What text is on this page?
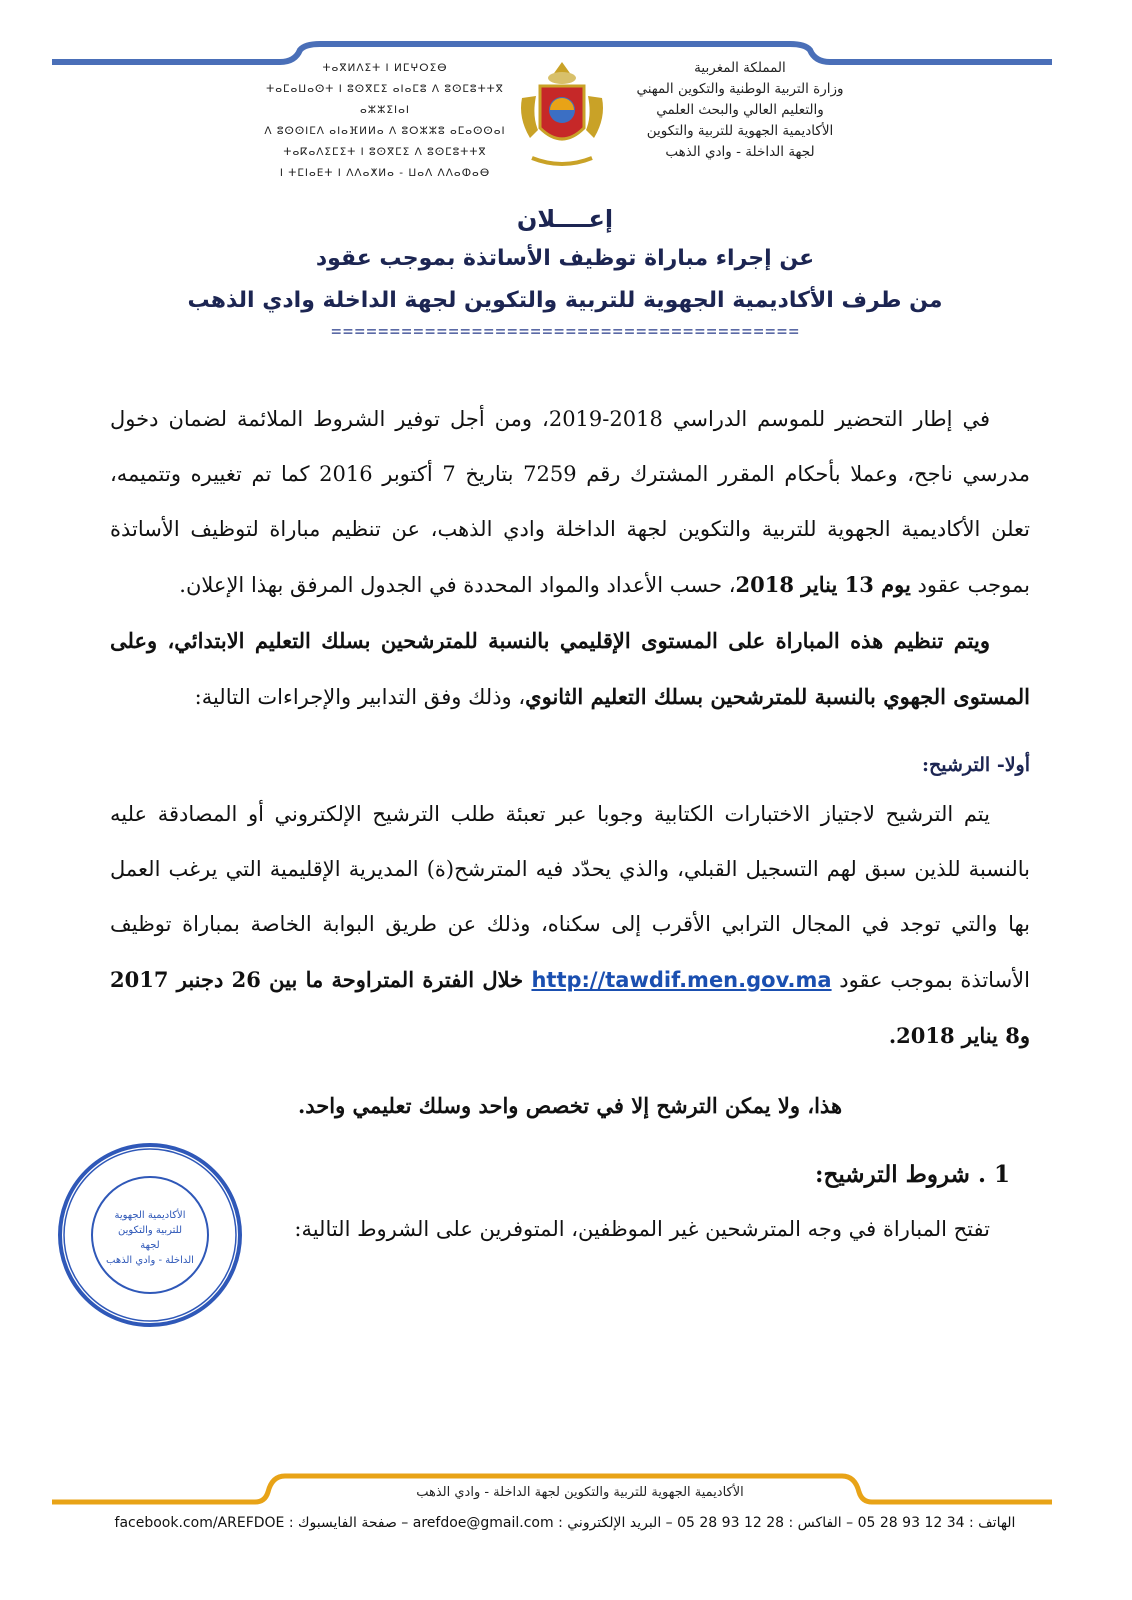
المملكة المغربية
وزارة التربية الوطنية والتكوين المهني
والتعليم العالي والبحث العلمي
الأكاديمية الجهوية للتربية والتكوين
لجهة الداخلة - وادي الذهب
ⵜⴰⴳⵍⴷⵉⵜ ⵏ ⵍⵎⵖⵔⵉⴱ
ⵜⴰⵎⴰⵡⴰⵙⵜ ⵏ ⵓⵙⴳⵎⵉ ⴰⵏⴰⵎⵓ ⴷ ⵓⵙⵎⵓⵜⵜⴳ ⴰⵣⵣⵉⵏⴰⵏ
ⴷ ⵓⵙⵙⵏⵎⴷ ⴰⵏⴰⴼⵍⵍⴰ ⴷ ⵓⵔⵣⵣⵓ ⴰⵎⴰⵙⵙⴰⵏ
ⵜⴰⴽⴰⴷⵉⵎⵉⵜ ⵏ ⵓⵙⴳⵎⵉ ⴷ ⵓⵙⵎⵓⵜⵜⴳ
ⵏ ⵜⵎⵏⴰⴹⵜ ⵏ ⴷⴷⴰⵅⵍⴰ - ⵡⴰⴷ ⴷⴷⴰⵀⴰⴱ
إعــــلان
عن إجراء مباراة توظيف الأساتذة بموجب عقود
من طرف الأكاديمية الجهوية للتربية والتكوين لجهة الداخلة وادي الذهب
========================================

في إطار التحضير للموسم الدراسي 2018-2019، ومن أجل توفير الشروط الملائمة لضمان دخول مدرسي ناجح، وعملا بأحكام المقرر المشترك رقم 7259 بتاريخ 7 أكتوبر 2016 كما تم تغييره وتتميمه، تعلن الأكاديمية الجهوية للتربية والتكوين لجهة الداخلة وادي الذهب، عن تنظيم مباراة لتوظيف الأساتذة بموجب عقود يوم 13 يناير 2018، حسب الأعداد والمواد المحددة في الجدول المرفق بهذا الإعلان.

ويتم تنظيم هذه المباراة على المستوى الإقليمي بالنسبة للمترشحين بسلك التعليم الابتدائي، وعلى المستوى الجهوي بالنسبة للمترشحين بسلك التعليم الثانوي، وذلك وفق التدابير والإجراءات التالية:

أولا- الترشيح:

يتم الترشيح لاجتياز الاختبارات الكتابية وجوبا عبر تعبئة طلب الترشيح الإلكتروني أو المصادقة عليه بالنسبة للذين سبق لهم التسجيل القبلي، والذي يحدّد فيه المترشح(ة) المديرية الإقليمية التي يرغب العمل بها والتي توجد في المجال الترابي الأقرب إلى سكناه، وذلك عن طريق البوابة الخاصة بمباراة توظيف الأساتذة بموجب عقود http://tawdif.men.gov.ma خلال الفترة المتراوحة ما بين 26 دجنبر 2017 و8 يناير 2018.

هذا، ولا يمكن الترشح إلا في تخصص واحد وسلك تعليمي واحد.

1 . شروط الترشيح:

تفتح المباراة في وجه المترشحين غير الموظفين، المتوفرين على الشروط التالية:

الأكاديمية الجهوية
للتربية والتكوين
لجهة
الداخلة - وادي الذهب
الأكاديمية الجهوية للتربية والتكوين لجهة الداخلة - وادي الذهب
الهاتف : 34 12 93 28 05 – الفاكس : 28 12 93 28 05 – البريد الإلكتروني : arefdoe@gmail.com – صفحة الفايسبوك : facebook.com/AREFDOE
